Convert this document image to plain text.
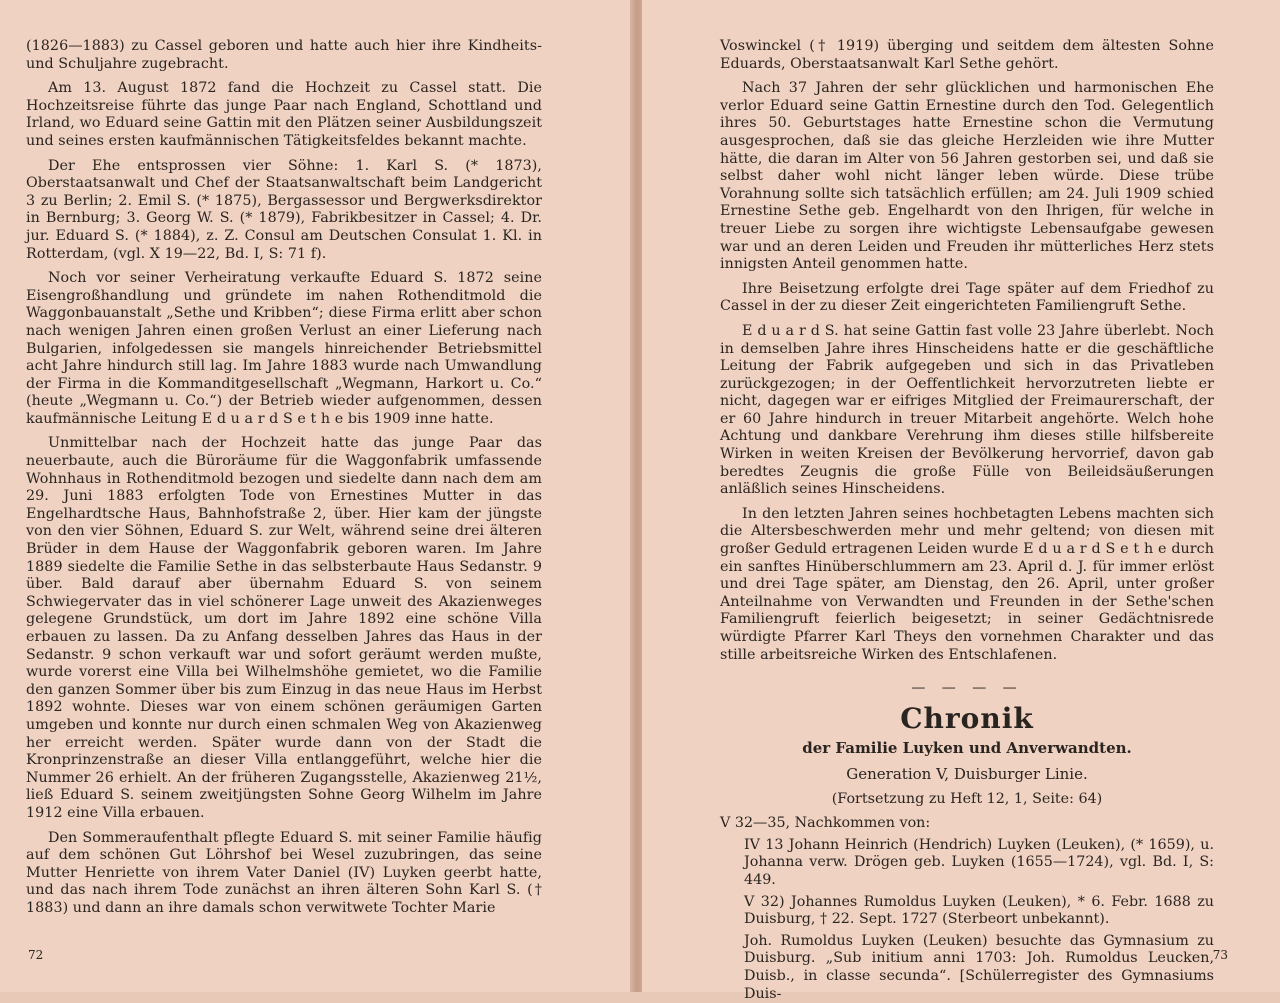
(1826—1883) zu Cassel geboren und hatte auch hier ihre Kindheits- und Schuljahre zugebracht.

Am 13. August 1872 fand die Hochzeit zu Cassel statt. Die Hochzeitsreise führte das junge Paar nach England, Schottland und Irland, wo Eduard seine Gattin mit den Plätzen seiner Ausbildungszeit und seines ersten kaufmännischen Tätigkeitsfeldes bekannt machte.

Der Ehe entsprossen vier Söhne: 1. Karl S. (* 1873), Oberstaatsanwalt und Chef der Staatsanwaltschaft beim Landgericht 3 zu Berlin; 2. Emil S. (* 1875), Bergassessor und Bergwerksdirektor in Bernburg; 3. Georg W. S. (* 1879), Fabrikbesitzer in Cassel; 4. Dr. jur. Eduard S. (* 1884), z. Z. Consul am Deutschen Consulat 1. Kl. in Rotterdam, (vgl. X 19—22, Bd. I, S: 71 f).

Noch vor seiner Verheiratung verkaufte Eduard S. 1872 seine Eisengroßhandlung und gründete im nahen Rothenditmold die Waggonbauanstalt „Sethe und Kribben“; diese Firma erlitt aber schon nach wenigen Jahren einen großen Verlust an einer Lieferung nach Bulgarien, infolgedessen sie mangels hinreichender Betriebsmittel acht Jahre hindurch still lag. Im Jahre 1883 wurde nach Umwandlung der Firma in die Kommanditgesellschaft „Wegmann, Harkort u. Co.“ (heute „Wegmann u. Co.“) der Betrieb wieder aufgenommen, dessen kaufmännische Leitung E d u a r d S e t h e bis 1909 inne hatte.

Unmittelbar nach der Hochzeit hatte das junge Paar das neuerbaute, auch die Büroräume für die Waggonfabrik umfassende Wohnhaus in Rothenditmold bezogen und siedelte dann nach dem am 29. Juni 1883 erfolgten Tode von Ernestines Mutter in das Engelhardtsche Haus, Bahnhofstraße 2, über. Hier kam der jüngste von den vier Söhnen, Eduard S. zur Welt, während seine drei älteren Brüder in dem Hause der Waggonfabrik geboren waren. Im Jahre 1889 siedelte die Familie Sethe in das selbsterbaute Haus Sedanstr. 9 über. Bald darauf aber übernahm Eduard S. von seinem Schwiegervater das in viel schönerer Lage unweit des Akazienweges gelegene Grundstück, um dort im Jahre 1892 eine schöne Villa erbauen zu lassen. Da zu Anfang desselben Jahres das Haus in der Sedanstr. 9 schon verkauft war und sofort geräumt werden mußte, wurde vorerst eine Villa bei Wilhelmshöhe gemietet, wo die Familie den ganzen Sommer über bis zum Einzug in das neue Haus im Herbst 1892 wohnte. Dieses war von einem schönen geräumigen Garten umgeben und konnte nur durch einen schmalen Weg von Akazienweg her erreicht werden. Später wurde dann von der Stadt die Kronprinzenstraße an dieser Villa entlanggeführt, welche hier die Nummer 26 erhielt. An der früheren Zugangsstelle, Akazienweg 21½, ließ Eduard S. seinem zweitjüngsten Sohne Georg Wilhelm im Jahre 1912 eine Villa erbauen.

Den Sommeraufenthalt pflegte Eduard S. mit seiner Familie häufig auf dem schönen Gut Löhrshof bei Wesel zuzubringen, das seine Mutter Henriette von ihrem Vater Daniel (IV) Luyken geerbt hatte, und das nach ihrem Tode zunächst an ihren älteren Sohn Karl S. († 1883) und dann an ihre damals schon verwitwete Tochter Marie

72

Voswinckel († 1919) überging und seitdem dem ältesten Sohne Eduards, Oberstaatsanwalt Karl Sethe gehört.

Nach 37 Jahren der sehr glücklichen und harmonischen Ehe verlor Eduard seine Gattin Ernestine durch den Tod. Gelegentlich ihres 50. Geburtstages hatte Ernestine schon die Vermutung ausgesprochen, daß sie das gleiche Herzleiden wie ihre Mutter hätte, die daran im Alter von 56 Jahren gestorben sei, und daß sie selbst daher wohl nicht länger leben würde. Diese trübe Vorahnung sollte sich tatsächlich erfüllen; am 24. Juli 1909 schied Ernestine Sethe geb. Engelhardt von den Ihrigen, für welche in treuer Liebe zu sorgen ihre wichtigste Lebensaufgabe gewesen war und an deren Leiden und Freuden ihr mütterliches Herz stets innigsten Anteil genommen hatte.

Ihre Beisetzung erfolgte drei Tage später auf dem Friedhof zu Cassel in der zu dieser Zeit eingerichteten Familiengruft Sethe.

E d u a r d S. hat seine Gattin fast volle 23 Jahre überlebt. Noch in demselben Jahre ihres Hinscheidens hatte er die geschäftliche Leitung der Fabrik aufgegeben und sich in das Privatleben zurückgezogen; in der Oeffentlichkeit hervorzutreten liebte er nicht, dagegen war er eifriges Mitglied der Freimaurerschaft, der er 60 Jahre hindurch in treuer Mitarbeit angehörte. Welch hohe Achtung und dankbare Verehrung ihm dieses stille hilfsbereite Wirken in weiten Kreisen der Bevölkerung hervorrief, davon gab beredtes Zeugnis die große Fülle von Beileidsäußerungen anläßlich seines Hinscheidens.

In den letzten Jahren seines hochbetagten Lebens machten sich die Altersbeschwerden mehr und mehr geltend; von diesen mit großer Geduld ertragenen Leiden wurde E d u a r d S e t h e durch ein sanftes Hinüberschlummern am 23. April d. J. für immer erlöst und drei Tage später, am Dienstag, den 26. April, unter großer Anteilnahme von Verwandten und Freunden in der Sethe'schen Familiengruft feierlich beigesetzt; in seiner Gedächtnisrede würdigte Pfarrer Karl Theys den vornehmen Charakter und das stille arbeitsreiche Wirken des Entschlafenen.

— — — —
Chronik
der Familie Luyken und Anverwandten.
Generation V, Duisburger Linie.
(Fortsetzung zu Heft 12, 1, Seite: 64)

V 32—35, Nachkommen von:

IV 13 Johann Heinrich (Hendrich) Luyken (Leuken), (* 1659), u. Johanna verw. Drögen geb. Luyken (1655—1724), vgl. Bd. I, S: 449.

V 32) Johannes Rumoldus Luyken (Leuken), * 6. Febr. 1688 zu Duisburg, † 22. Sept. 1727 (Sterbeort unbekannt).

Joh. Rumoldus Luyken (Leuken) besuchte das Gymnasium zu Duisburg. „Sub initium anni 1703: Joh. Rumoldus Leucken, Duisb., in classe secunda“. [Schülerregister des Gymnasiums Duis-

73
